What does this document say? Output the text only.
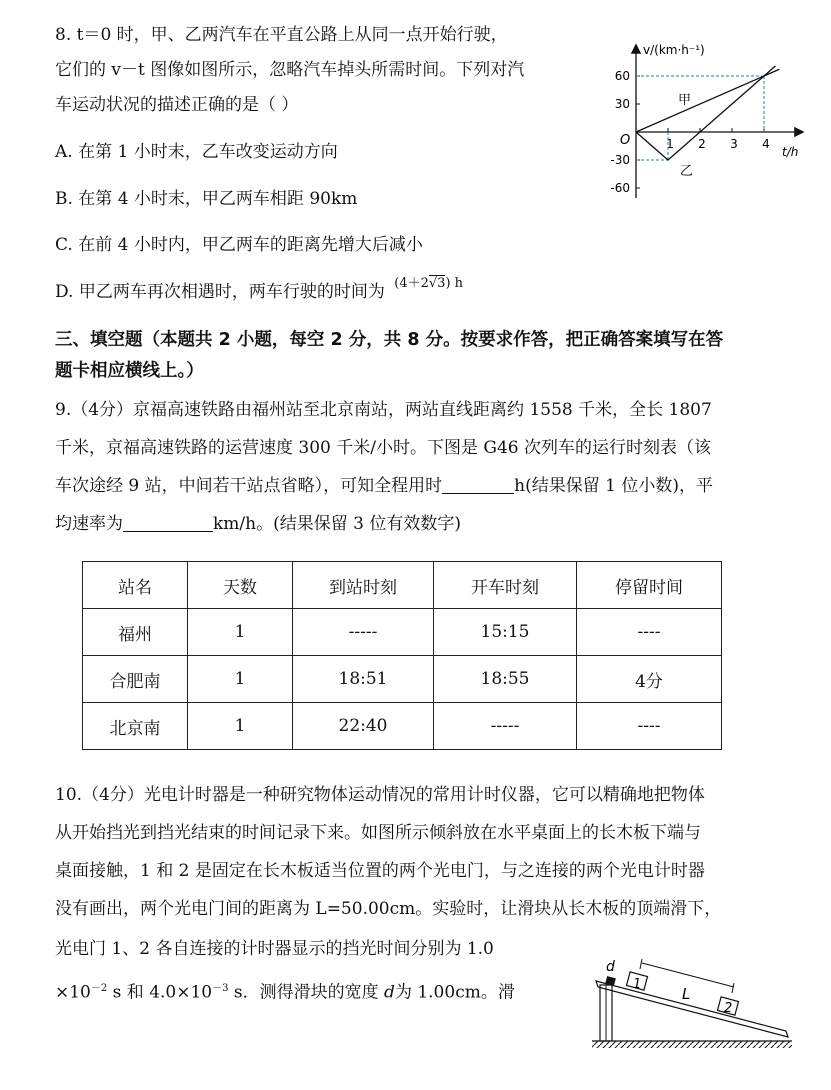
8. t＝0 时，甲、乙两汽车在平直公路上从同一点开始行驶，
它们的 v－t 图像如图所示，忽略汽车掉头所需时间。下列对汽
车运动状况的描述正确的是（ ）
A. 在第 1 小时末，乙车改变运动方向
B. 在第 4 小时末，甲乙两车相距 90km
C. 在前 4 小时内，甲乙两车的距离先增大后减小
D. 甲乙两车再次相遇时，两车行驶的时间为 $^{(4+2√3) h}$
60
30
-30
-60
1 2 3 4
v/(km·h⁻¹)
t/h
O
甲
乙
三、填空题（本题共 2 小题，每空 2 分，共 8 分。按要求作答，把正确答案填写在答
题卡相应横线上。）
9.（4分）京福高速铁路由福州站至北京南站，两站直线距离约 1558 千米，全长 1807
千米，京福高速铁路的运营速度 300 千米/小时。下图是 G46 次列车的运行时刻表（该
车次途经 9 站，中间若干站点省略），可知全程用时	h(结果保留 1 位小数)，平
均速率为	km/h。(结果保留 3 位有效数字)
站名	天数	到站时刻	开车时刻	停留时间
福州	1	-----	15:15	----
合肥南	1	18:51	18:55	4分
北京南	1	22:40	-----	----
10.（4分）光电计时器是一种研究物体运动情况的常用计时仪器，它可以精确地把物体
从开始挡光到挡光结束的时间记录下来。如图所示倾斜放在水平桌面上的长木板下端与
桌面接触，1 和 2 是固定在长木板适当位置的两个光电门，与之连接的两个光电计时器
没有画出，两个光电门间的距离为 L=50.00cm。实验时，让滑块从长木板的顶端滑下，
光电门 1、2 各自连接的计时器显示的挡光时间分别为 1.0
$\times 10^{-2}$ s 和 $4.0\times 10^{-3}$ s．测得滑块的宽度 d为 1.00cm。滑
d
L
1
2
